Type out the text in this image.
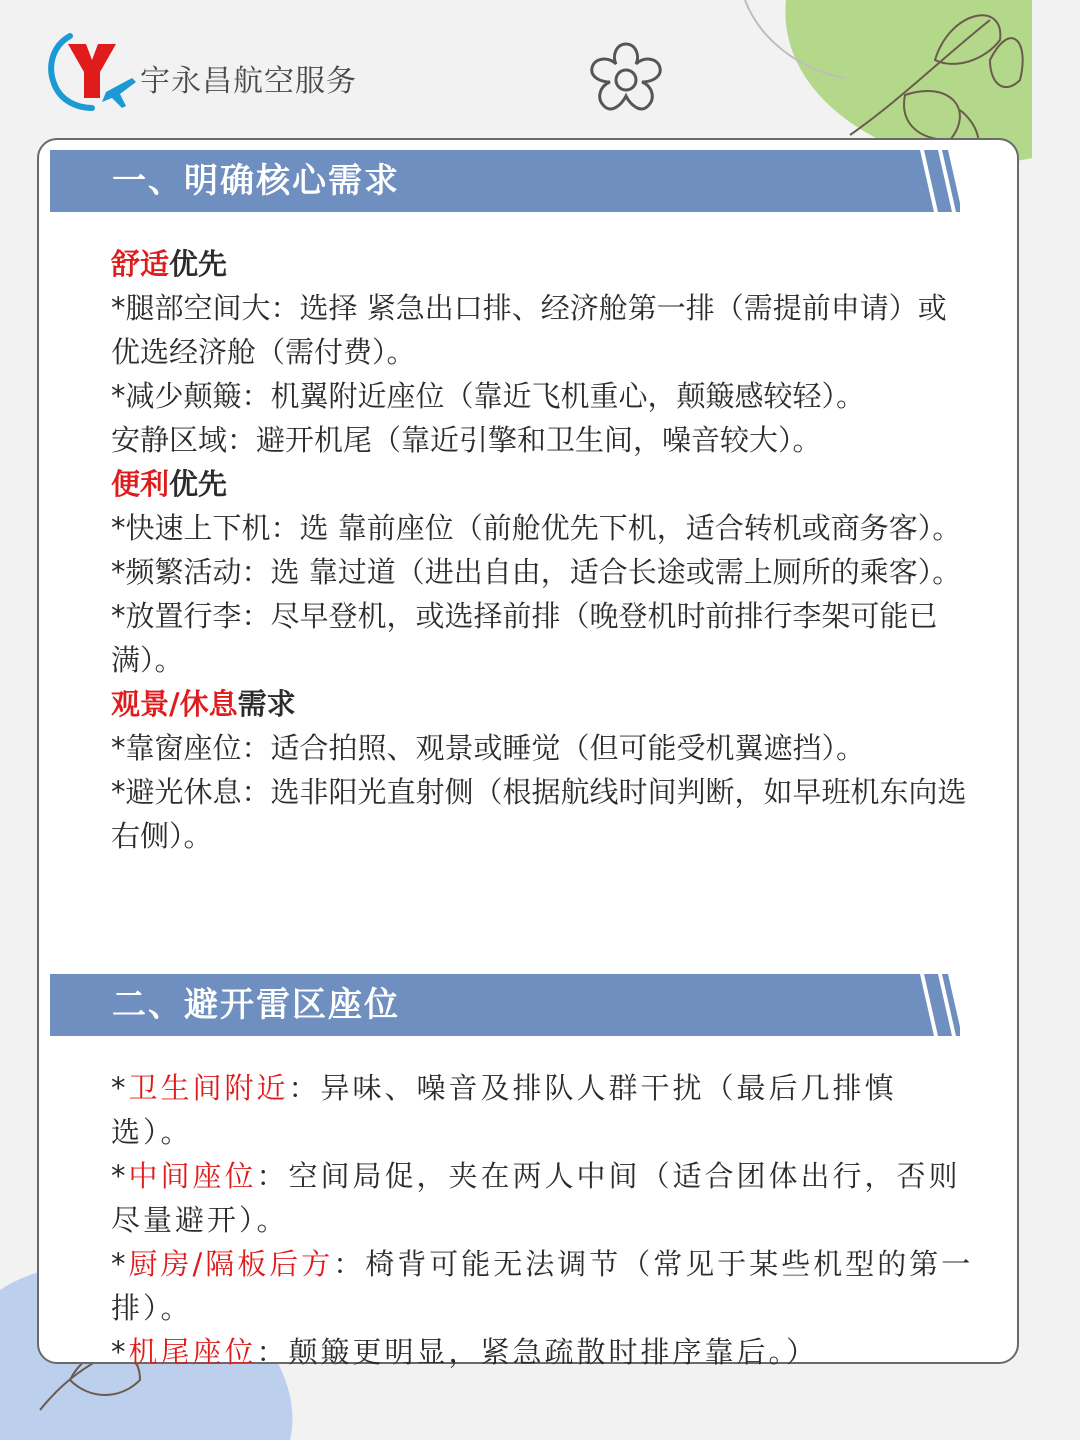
宇永昌航空服务
一、明确核心需求

舒适优先

*腿部空间大：选择 紧急出口排、经济舱第一排（需提前申请）或 优选经济舱（需付费）。

*减少颠簸：机翼附近座位（靠近飞机重心，颠簸感较轻）。

安静区域：避开机尾（靠近引擎和卫生间，噪音较大）。

便利优先

*快速上下机：选 靠前座位（前舱优先下机，适合转机或商务客）。

*频繁活动：选 靠过道（进出自由，适合长途或需上厕所的乘客）。

*放置行李：尽早登机，或选择前排（晚登机时前排行李架可能已满）。

观景/休息需求

*靠窗座位：适合拍照、观景或睡觉（但可能受机翼遮挡）。

*避光休息：选非阳光直射侧（根据航线时间判断，如早班机东向选右侧）。

二、避开雷区座位

*卫生间附近：异味、噪音及排队人群干扰（最后几排慎选）。

*中间座位：空间局促，夹在两人中间（适合团体出行，否则尽量避开）。

*厨房/隔板后方：椅背可能无法调节（常见于某些机型的第一排）。

*机尾座位：颠簸更明显，紧急疏散时排序靠后。）
